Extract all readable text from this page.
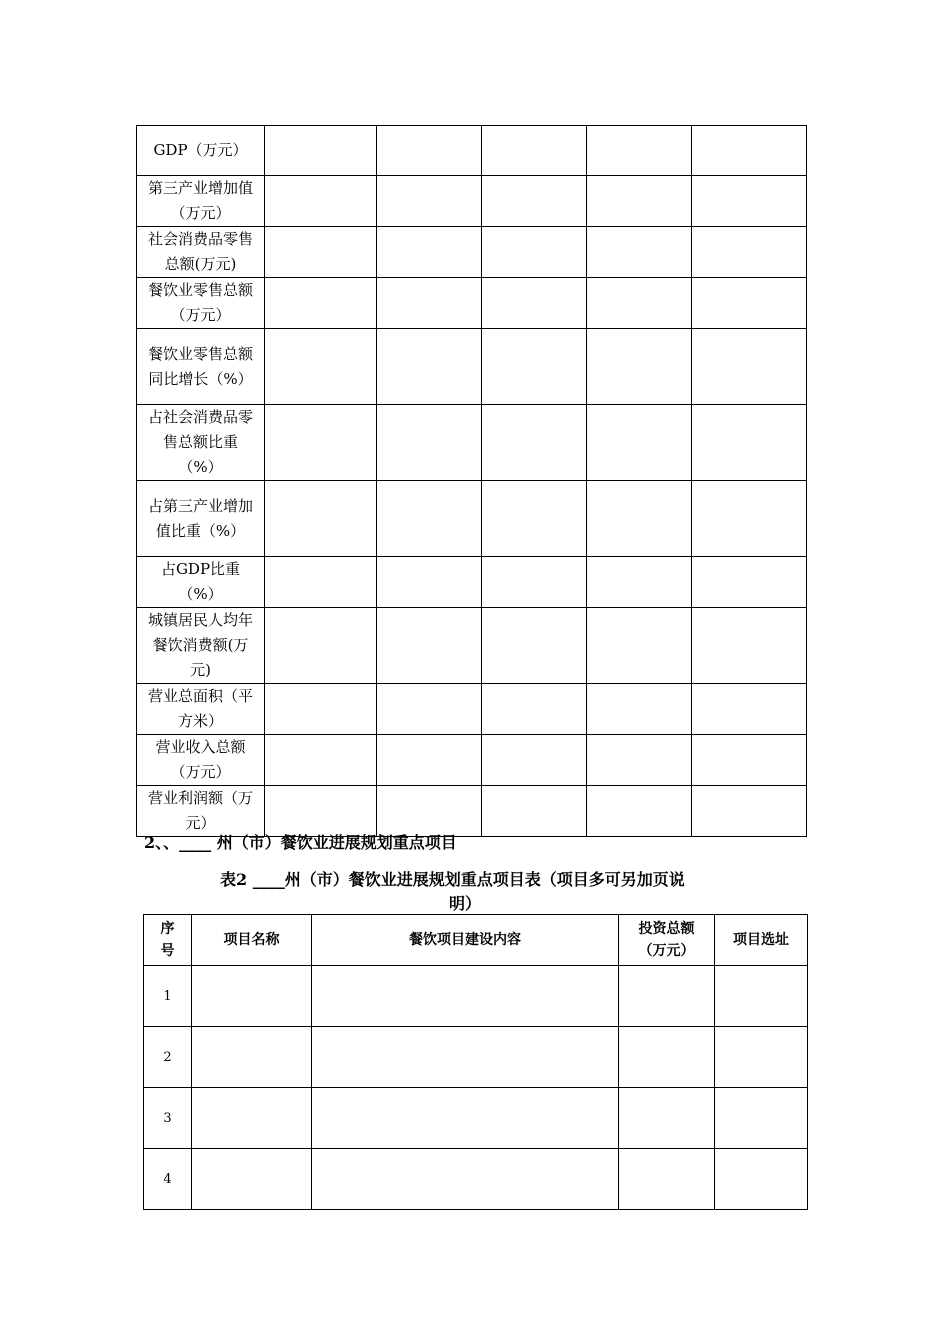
GDP（万元）					
第三产业增加值（万元）					
社会消费品零售总额(万元)					
餐饮业零售总额（万元）					
餐饮业零售总额同比增长（%）					
占社会消费品零售总额比重（%）					
占第三产业增加值比重（%）					
占GDP比重（%）					
城镇居民人均年餐饮消费额(万元)					
营业总面积（平方米）					
营业收入总额（万元）					
营业利润额（万元）					
2、、____ 州（市）餐饮业进展规划重点项目
表2 ____州（市）餐饮业进展规划重点项目表（项目多可另加页说
明）
序号	项目名称	餐饮项目建设内容	投资总额（万元）	项目选址
1				
2				
3				
4				
